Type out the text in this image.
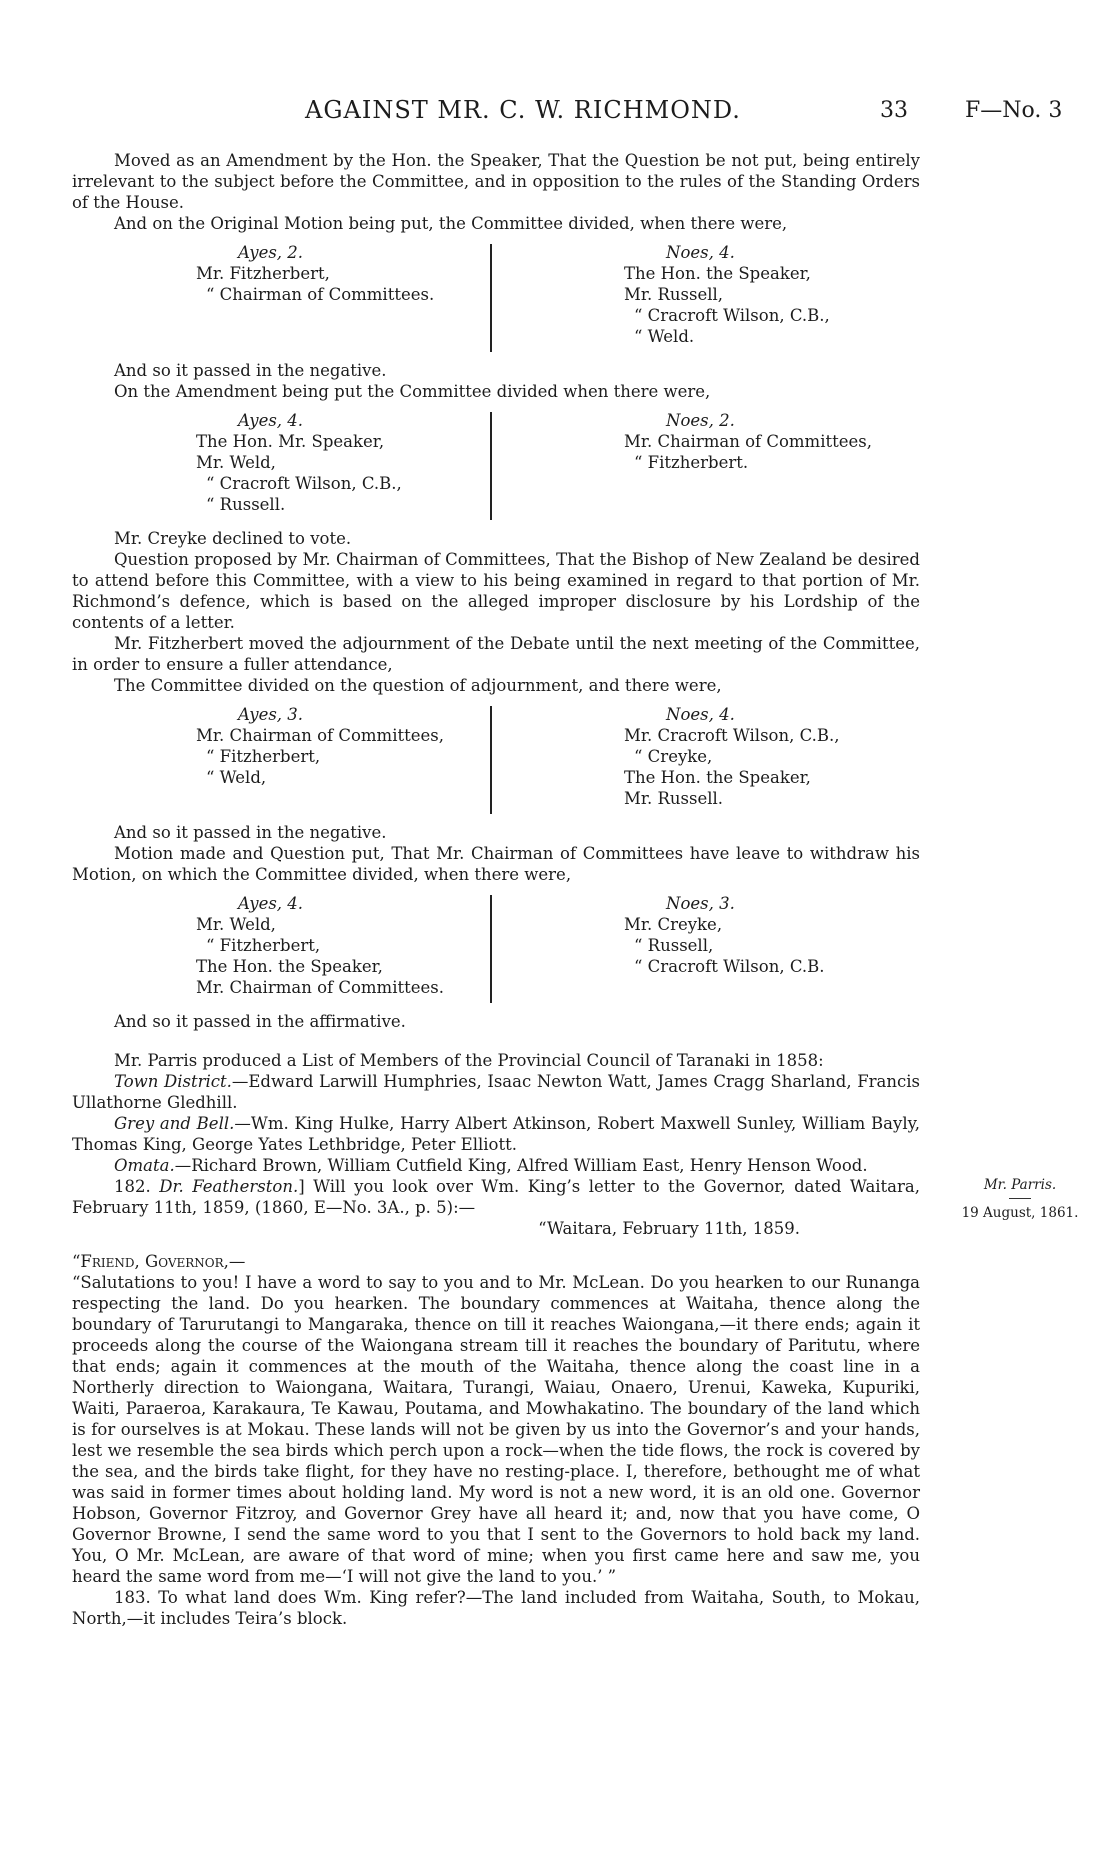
AGAINST MR. C. W. RICHMOND.	33	F—No. 3

Moved as an Amendment by the Hon. the Speaker, That the Question be not put, being entirely irrelevant to the subject before the Committee, and in opposition to the rules of the Standing Orders of the House.

And on the Original Motion being put, the Committee divided, when there were,

Ayes, 2.
Mr. Fitzherbert,
“ Chairman of Committees.
Noes, 4.
The Hon. the Speaker,
Mr. Russell,
“ Cracroft Wilson, C.B.,
“ Weld.

And so it passed in the negative.

On the Amendment being put the Committee divided when there were,

Ayes, 4.
The Hon. Mr. Speaker,
Mr. Weld,
“ Cracroft Wilson, C.B.,
“ Russell.
Noes, 2.
Mr. Chairman of Committees,
“ Fitzherbert.

Mr. Creyke declined to vote.

Question proposed by Mr. Chairman of Committees, That the Bishop of New Zealand be desired to attend before this Committee, with a view to his being examined in regard to that portion of Mr. Richmond’s defence, which is based on the alleged improper disclosure by his Lordship of the contents of a letter.

Mr. Fitzherbert moved the adjournment of the Debate until the next meeting of the Committee, in order to ensure a fuller attendance,

The Committee divided on the question of adjournment, and there were,

Ayes, 3.
Mr. Chairman of Committees,
“ Fitzherbert,
“ Weld,
Noes, 4.
Mr. Cracroft Wilson, C.B.,
“ Creyke,
The Hon. the Speaker,
Mr. Russell.

And so it passed in the negative.

Motion made and Question put, That Mr. Chairman of Committees have leave to withdraw his Motion, on which the Committee divided, when there were,

Ayes, 4.
Mr. Weld,
“ Fitzherbert,
The Hon. the Speaker,
Mr. Chairman of Committees.
Noes, 3.
Mr. Creyke,
“ Russell,
“ Cracroft Wilson, C.B.

And so it passed in the affirmative.

Mr. Parris produced a List of Members of the Provincial Council of Taranaki in 1858:

Town District.—Edward Larwill Humphries, Isaac Newton Watt, James Cragg Sharland, Francis Ullathorne Gledhill.

Grey and Bell.—Wm. King Hulke, Harry Albert Atkinson, Robert Maxwell Sunley, William Bayly, Thomas King, George Yates Lethbridge, Peter Elliott.

Omata.—Richard Brown, William Cutfield King, Alfred William East, Henry Henson Wood.

182. Dr. Featherston.] Will you look over Wm. King’s letter to the Governor, dated Waitara, February 11th, 1859, (1860, E—No. 3A., p. 5):—

“Waitara, February 11th, 1859.

“Friend, Governor,—

“Salutations to you! I have a word to say to you and to Mr. McLean. Do you hearken to our Runanga respecting the land. Do you hearken. The boundary commences at Waitaha, thence along the boundary of Tarurutangi to Mangaraka, thence on till it reaches Waiongana,—it there ends; again it proceeds along the course of the Waiongana stream till it reaches the boundary of Paritutu, where that ends; again it commences at the mouth of the Waitaha, thence along the coast line in a Northerly direction to Waiongana, Waitara, Turangi, Waiau, Onaero, Urenui, Kaweka, Kupuriki, Waiti, Paraeroa, Karakaura, Te Kawau, Poutama, and Mowhakatino. The boundary of the land which is for ourselves is at Mokau. These lands will not be given by us into the Governor’s and your hands, lest we resemble the sea birds which perch upon a rock—when the tide flows, the rock is covered by the sea, and the birds take flight, for they have no resting-place. I, therefore, bethought me of what was said in former times about holding land. My word is not a new word, it is an old one. Governor Hobson, Governor Fitzroy, and Governor Grey have all heard it; and, now that you have come, O Governor Browne, I send the same word to you that I sent to the Governors to hold back my land. You, O Mr. McLean, are aware of that word of mine; when you first came here and saw me, you heard the same word from me—‘I will not give the land to you.’ ”

183. To what land does Wm. King refer?—The land included from Waitaha, South, to Mokau, North,—it includes Teira’s block.

Mr. Parris.
19 August, 1861.
